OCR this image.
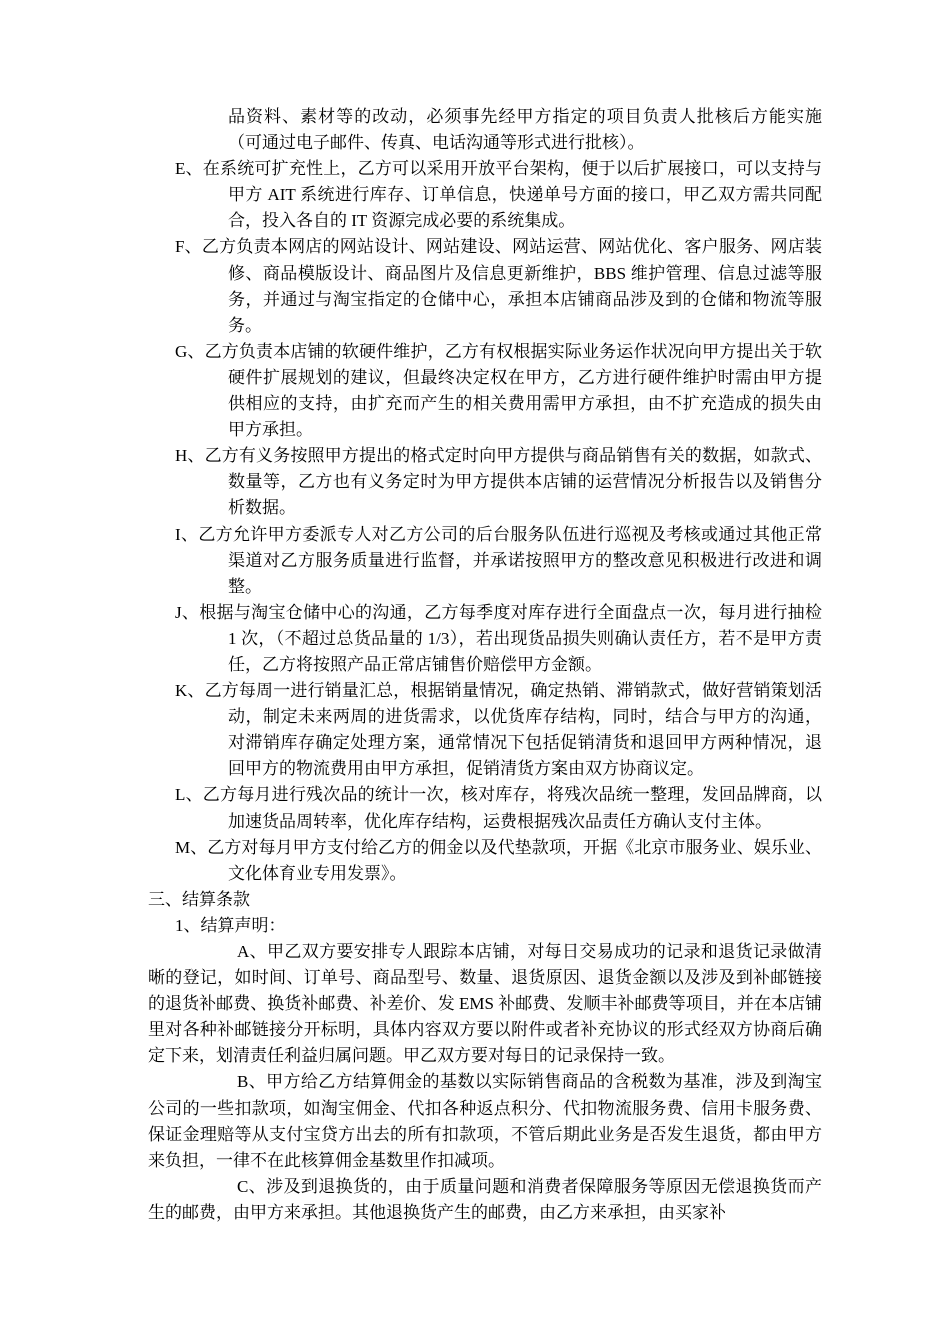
品资料、素材等的改动，必须事先经甲方指定的项目负责人批核后方能实施（可通过电子邮件、传真、电话沟通等形式进行批核）。

E、在系统可扩充性上，乙方可以采用开放平台架构，便于以后扩展接口，可以支持与甲方 AIT 系统进行库存、订单信息，快递单号方面的接口，甲乙双方需共同配合，投入各自的 IT 资源完成必要的系统集成。

F、乙方负责本网店的网站设计、网站建设、网站运营、网站优化、客户服务、网店装修、商品模版设计、商品图片及信息更新维护，BBS 维护管理、信息过滤等服务，并通过与淘宝指定的仓储中心，承担本店铺商品涉及到的仓储和物流等服务。

G、乙方负责本店铺的软硬件维护，乙方有权根据实际业务运作状况向甲方提出关于软硬件扩展规划的建议，但最终决定权在甲方，乙方进行硬件维护时需由甲方提供相应的支持，由扩充而产生的相关费用需甲方承担，由不扩充造成的损失由甲方承担。

H、乙方有义务按照甲方提出的格式定时向甲方提供与商品销售有关的数据，如款式、数量等，乙方也有义务定时为甲方提供本店铺的运营情况分析报告以及销售分析数据。

I、乙方允许甲方委派专人对乙方公司的后台服务队伍进行巡视及考核或通过其他正常渠道对乙方服务质量进行监督，并承诺按照甲方的整改意见积极进行改进和调整。

J、根据与淘宝仓储中心的沟通，乙方每季度对库存进行全面盘点一次，每月进行抽检 1 次，（不超过总货品量的 1/3），若出现货品损失则确认责任方，若不是甲方责任，乙方将按照产品正常店铺售价赔偿甲方金额。

K、乙方每周一进行销量汇总，根据销量情况，确定热销、滞销款式，做好营销策划活动，制定未来两周的进货需求，以优货库存结构，同时，结合与甲方的沟通，对滞销库存确定处理方案，通常情况下包括促销清货和退回甲方两种情况，退回甲方的物流费用由甲方承担，促销清货方案由双方协商议定。

L、乙方每月进行残次品的统计一次，核对库存，将残次品统一整理，发回品牌商，以加速货品周转率，优化库存结构，运费根据残次品责任方确认支付主体。

M、乙方对每月甲方支付给乙方的佣金以及代垫款项，开据《北京市服务业、娱乐业、文化体育业专用发票》。

三、结算条款

1、结算声明：

A、甲乙双方要安排专人跟踪本店铺，对每日交易成功的记录和退货记录做清晰的登记，如时间、订单号、商品型号、数量、退货原因、退货金额以及涉及到补邮链接的退货补邮费、换货补邮费、补差价、发 EMS 补邮费、发顺丰补邮费等项目，并在本店铺里对各种补邮链接分开标明，具体内容双方要以附件或者补充协议的形式经双方协商后确定下来，划清责任利益归属问题。甲乙双方要对每日的记录保持一致。

B、甲方给乙方结算佣金的基数以实际销售商品的含税数为基准，涉及到淘宝公司的一些扣款项，如淘宝佣金、代扣各种返点积分、代扣物流服务费、信用卡服务费、保证金理赔等从支付宝贷方出去的所有扣款项，不管后期此业务是否发生退货，都由甲方来负担，一律不在此核算佣金基数里作扣减项。

C、涉及到退换货的，由于质量问题和消费者保障服务等原因无偿退换货而产生的邮费，由甲方来承担。其他退换货产生的邮费，由乙方来承担，由买家补
